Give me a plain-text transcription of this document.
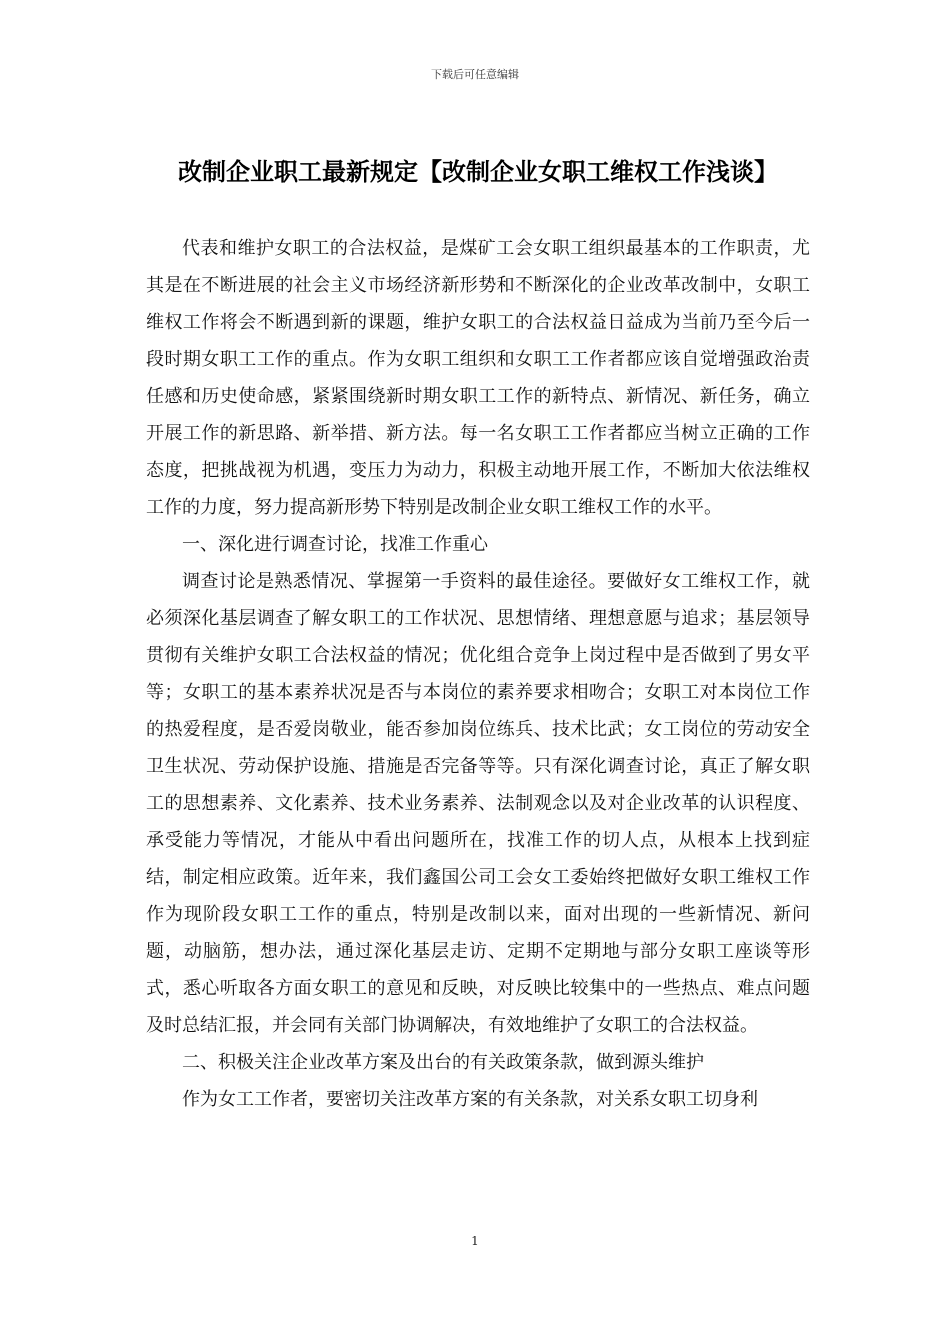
下载后可任意编辑
改制企业职工最新规定【改制企业女职工维权工作浅谈】

代表和维护女职工的合法权益，是煤矿工会女职工组织最基本的工作职责，尤其是在不断进展的社会主义市场经济新形势和不断深化的企业改革改制中，女职工维权工作将会不断遇到新的课题，维护女职工的合法权益日益成为当前乃至今后一段时期女职工工作的重点。作为女职工组织和女职工工作者都应该自觉增强政治责任感和历史使命感，紧紧围绕新时期女职工工作的新特点、新情况、新任务，确立开展工作的新思路、新举措、新方法。每一名女职工工作者都应当树立正确的工作态度，把挑战视为机遇，变压力为动力，积极主动地开展工作，不断加大依法维权工作的力度，努力提高新形势下特别是改制企业女职工维权工作的水平。

一、深化进行调查讨论，找准工作重心

调查讨论是熟悉情况、掌握第一手资料的最佳途径。要做好女工维权工作，就必须深化基层调查了解女职工的工作状况、思想情绪、理想意愿与追求；基层领导贯彻有关维护女职工合法权益的情况；优化组合竞争上岗过程中是否做到了男女平等；女职工的基本素养状况是否与本岗位的素养要求相吻合；女职工对本岗位工作的热爱程度，是否爱岗敬业，能否参加岗位练兵、技术比武；女工岗位的劳动安全卫生状况、劳动保护设施、措施是否完备等等。只有深化调查讨论，真正了解女职工的思想素养、文化素养、技术业务素养、法制观念以及对企业改革的认识程度、承受能力等情况，才能从中看出问题所在，找准工作的切人点，从根本上找到症结，制定相应政策。近年来，我们鑫国公司工会女工委始终把做好女职工维权工作作为现阶段女职工工作的重点，特别是改制以来，面对出现的一些新情况、新问题，动脑筋，想办法，通过深化基层走访、定期不定期地与部分女职工座谈等形式，悉心听取各方面女职工的意见和反映，对反映比较集中的一些热点、难点问题及时总结汇报，并会同有关部门协调解决，有效地维护了女职工的合法权益。

二、积极关注企业改革方案及出台的有关政策条款，做到源头维护

作为女工工作者，要密切关注改革方案的有关条款，对关系女职工切身利

1
